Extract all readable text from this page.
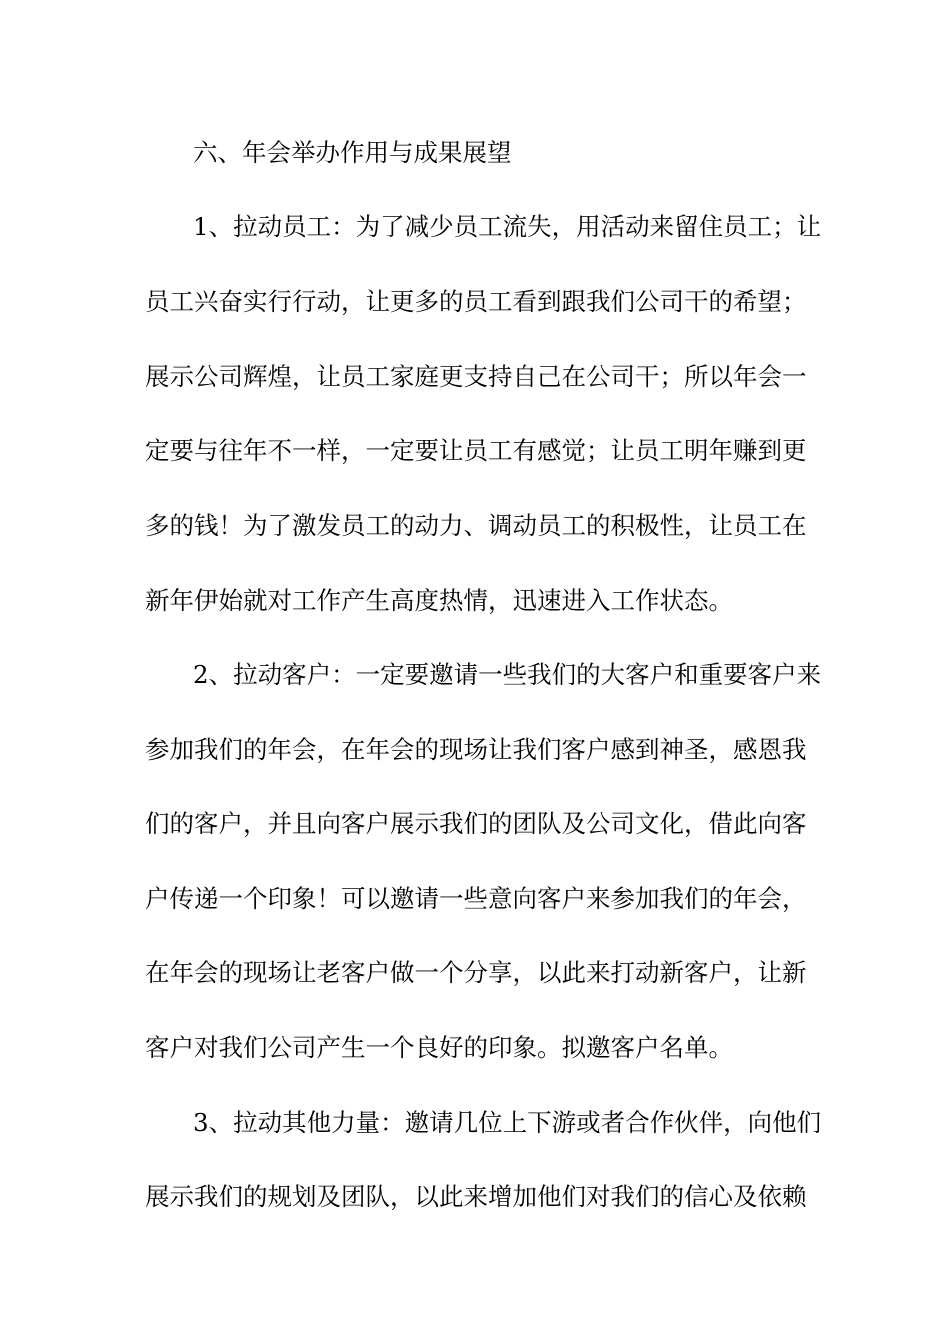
六、年会举办作用与成果展望
1、拉动员工：为了减少员工流失，用活动来留住员工；让
员工兴奋实行行动，让更多的员工看到跟我们公司干的希望；
展示公司辉煌，让员工家庭更支持自己在公司干；所以年会一
定要与往年不一样，一定要让员工有感觉；让员工明年赚到更
多的钱！为了激发员工的动力、调动员工的积极性，让员工在
新年伊始就对工作产生高度热情，迅速进入工作状态。
2、拉动客户：一定要邀请一些我们的大客户和重要客户来
参加我们的年会，在年会的现场让我们客户感到神圣，感恩我
们的客户，并且向客户展示我们的团队及公司文化，借此向客
户传递一个印象！可以邀请一些意向客户来参加我们的年会，
在年会的现场让老客户做一个分享，以此来打动新客户，让新
客户对我们公司产生一个良好的印象。拟邀客户名单。
3、拉动其他力量：邀请几位上下游或者合作伙伴，向他们
展示我们的规划及团队，以此来增加他们对我们的信心及依赖
